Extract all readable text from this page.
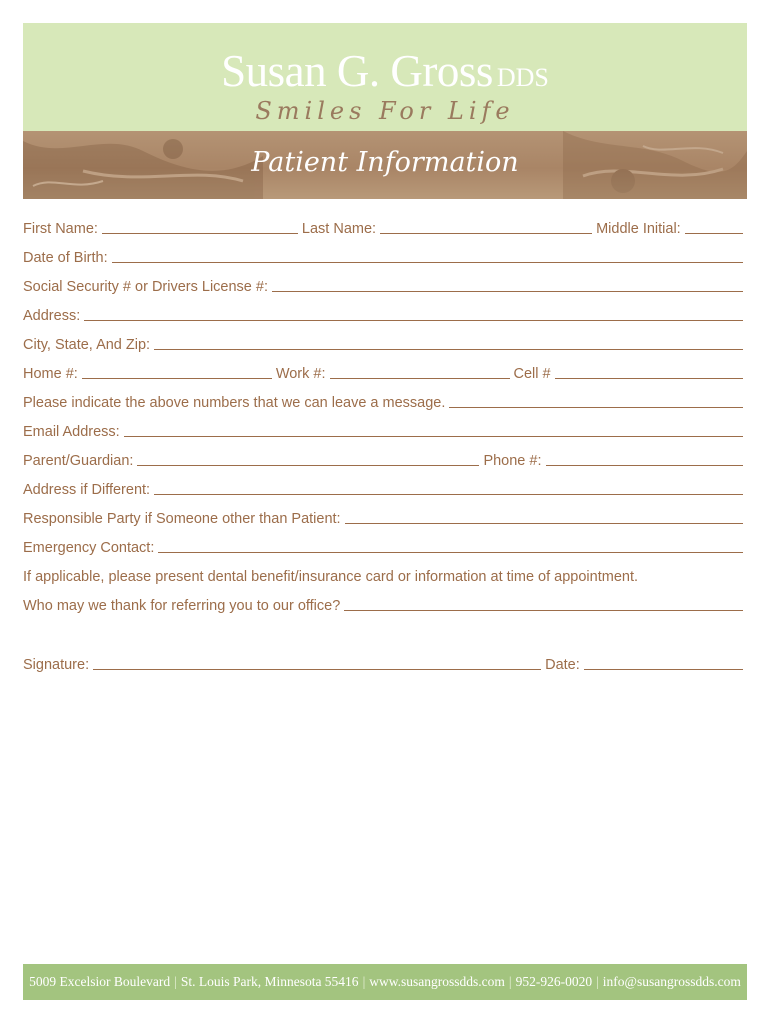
Susan G. Gross DDS
Smiles For Life
Patient Information
First Name:	Last Name:	Middle Initial:
Date of Birth:
Social Security # or Drivers License #:
Address:
City, State, And Zip:
Home #:	Work #:	Cell #
Please indicate the above numbers that we can leave a message.
Email Address:
Parent/Guardian:	Phone #:
Address if Different:
Responsible Party if Someone other than Patient:
Emergency Contact:
If applicable, please present dental benefit/insurance card or information at time of appointment.
Who may we thank for referring you to our office?
Signature:	Date:
5009 Excelsior Boulevard | St. Louis Park, Minnesota 55416 | www.susangrossdds.com | 952-926-0020 | info@susangrossdds.com
